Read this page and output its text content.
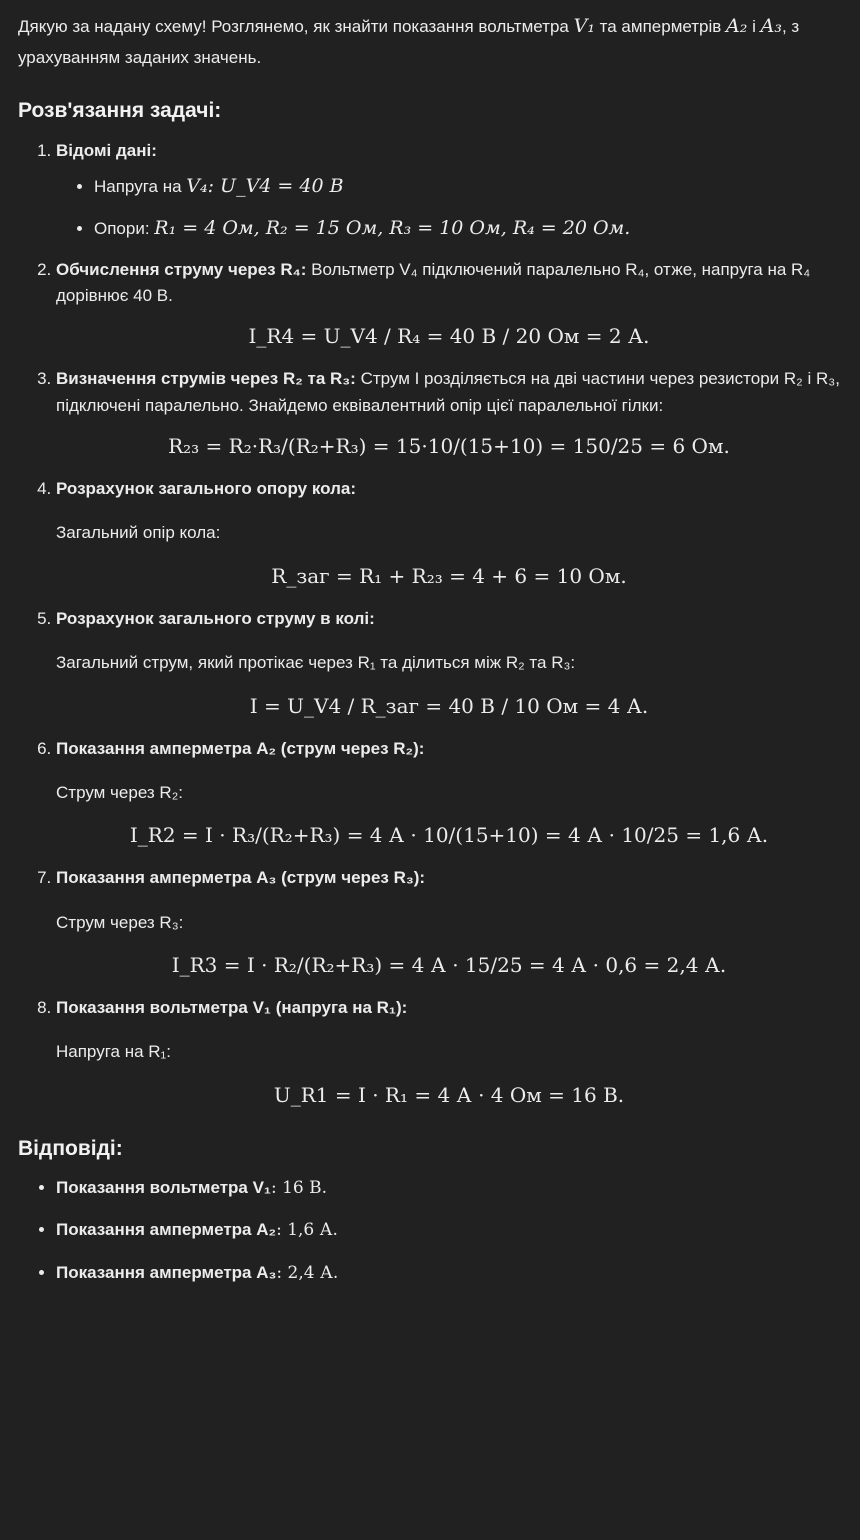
Дякую за надану схему! Розглянемо, як знайти показання вольтметра V₁ та амперметрів A₂ і A₃, з урахуванням заданих значень.

Розв'язання задачі:
1. Відомі дані:
• Напруга на V₄: U_V4 = 40 В
• Опори: R₁ = 4 Ом, R₂ = 15 Ом, R₃ = 10 Ом, R₄ = 20 Ом.
2. Обчислення струму через R₄: Вольтметр V₄ підключений паралельно R₄, отже, напруга на R₄ дорівнює 40 В.
I_R4 = U_V4 / R₄ = 40 В / 20 Ом = 2 А.
3. Визначення струмів через R₂ та R₃: Струм I розділяється на дві частини через резистори R₂ і R₃, підключені паралельно. Знайдемо еквівалентний опір цієї паралельної гілки:
R₂₃ = R₂·R₃/(R₂+R₃) = 15·10/(15+10) = 150/25 = 6 Ом.
4. Розрахунок загального опору кола:
Загальний опір кола:
R_заг = R₁ + R₂₃ = 4 + 6 = 10 Ом.
5. Розрахунок загального струму в колі:
Загальний струм, який протікає через R₁ та ділиться між R₂ та R₃:
I = U_V4 / R_заг = 40 В / 10 Ом = 4 А.
6. Показання амперметра A₂ (струм через R₂):
Струм через R₂:
I_R2 = I · R₃/(R₂+R₃) = 4 А · 10/(15+10) = 4 А · 10/25 = 1,6 А.
7. Показання амперметра A₃ (струм через R₃):
Струм через R₃:
I_R3 = I · R₂/(R₂+R₃) = 4 А · 15/25 = 4 А · 0,6 = 2,4 А.
8. Показання вольтметра V₁ (напруга на R₁):
Напруга на R₁:
U_R1 = I · R₁ = 4 А · 4 Ом = 16 В.
Відповіді:
• Показання вольтметра V₁: 16 В.
• Показання амперметра A₂: 1,6 А.
• Показання амперметра A₃: 2,4 А.
